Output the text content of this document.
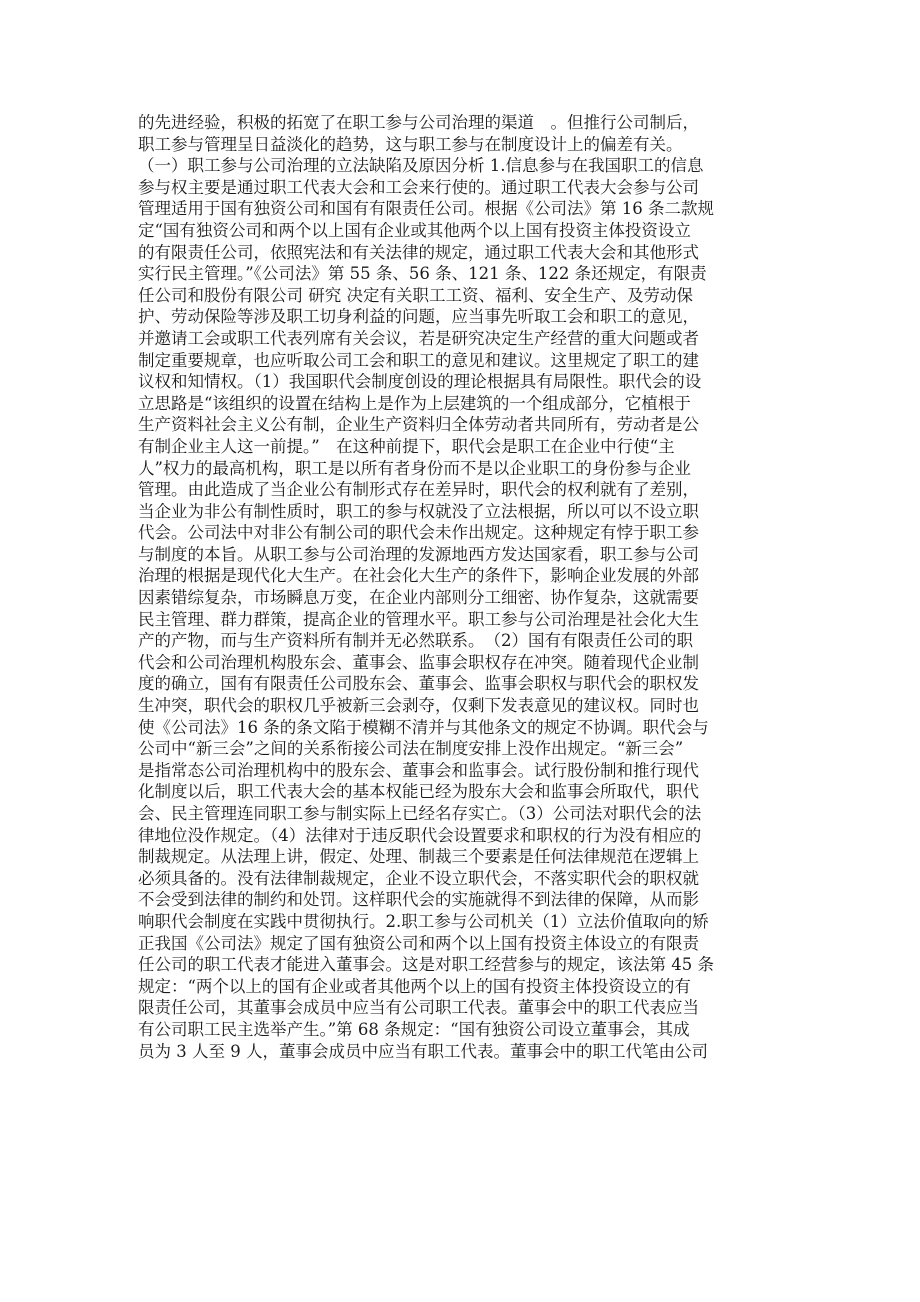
的先进经验，积极的拓宽了在职工参与公司治理的渠道　。但推行公司制后，
职工参与管理呈日益淡化的趋势，这与职工参与在制度设计上的偏差有关。
（一）职工参与公司治理的立法缺陷及原因分析 1.信息参与在我国职工的信息
参与权主要是通过职工代表大会和工会来行使的。通过职工代表大会参与公司
管理适用于国有独资公司和国有有限责任公司。根据《公司法》第 16 条二款规
定“国有独资公司和两个以上国有企业或其他两个以上国有投资主体投资设立
的有限责任公司，依照宪法和有关法律的规定，通过职工代表大会和其他形式
实行民主管理。”《公司法》第 55 条、56 条、121 条、122 条还规定，有限责
任公司和股份有限公司 研究 决定有关职工工资、福利、安全生产、及劳动保
护、劳动保险等涉及职工切身利益的问题，应当事先听取工会和职工的意见，
并邀请工会或职工代表列席有关会议，若是研究决定生产经营的重大问题或者
制定重要规章，也应听取公司工会和职工的意见和建议。这里规定了职工的建
议权和知情权。（1）我国职代会制度创设的理论根据具有局限性。职代会的设
立思路是“该组织的设置在结构上是作为上层建筑的一个组成部分，它植根于
生产资料社会主义公有制，企业生产资料归全体劳动者共同所有，劳动者是公
有制企业主人这一前提。”　在这种前提下，职代会是职工在企业中行使“主
人”权力的最高机构，职工是以所有者身份而不是以企业职工的身份参与企业
管理。由此造成了当企业公有制形式存在差异时，职代会的权利就有了差别，
当企业为非公有制性质时，职工的参与权就没了立法根据，所以可以不设立职
代会。公司法中对非公有制公司的职代会未作出规定。这种规定有悖于职工参
与制度的本旨。从职工参与公司治理的发源地西方发达国家看，职工参与公司
治理的根据是现代化大生产。在社会化大生产的条件下，影响企业发展的外部
因素错综复杂，市场瞬息万变，在企业内部则分工细密、协作复杂，这就需要
民主管理、群力群策，提高企业的管理水平。职工参与公司治理是社会化大生
产的产物，而与生产资料所有制并无必然联系。　（2）国有有限责任公司的职
代会和公司治理机构股东会、董事会、监事会职权存在冲突。随着现代企业制
度的确立，国有有限责任公司股东会、董事会、监事会职权与职代会的职权发
生冲突，职代会的职权几乎被新三会剥夺，仅剩下发表意见的建议权。同时也
使《公司法》16 条的条文陷于模糊不清并与其他条文的规定不协调。职代会与
公司中“新三会”之间的关系衔接公司法在制度安排上没作出规定。“新三会”
是指常态公司治理机构中的股东会、董事会和监事会。试行股份制和推行现代
化制度以后，职工代表大会的基本权能已经为股东大会和监事会所取代，职代
会、民主管理连同职工参与制实际上已经名存实亡。（3）公司法对职代会的法
律地位没作规定。（4）法律对于违反职代会设置要求和职权的行为没有相应的
制裁规定。从法理上讲，假定、处理、制裁三个要素是任何法律规范在逻辑上
必须具备的。没有法律制裁规定，企业不设立职代会，不落实职代会的职权就
不会受到法律的制约和处罚。这样职代会的实施就得不到法律的保障，从而影
响职代会制度在实践中贯彻执行。2.职工参与公司机关（1）立法价值取向的矫
正我国《公司法》规定了国有独资公司和两个以上国有投资主体设立的有限责
任公司的职工代表才能进入董事会。这是对职工经营参与的规定，该法第 45 条
规定：“两个以上的国有企业或者其他两个以上的国有投资主体投资设立的有
限责任公司，其董事会成员中应当有公司职工代表。董事会中的职工代表应当
有公司职工民主选举产生。”第 68 条规定：“国有独资公司设立董事会，其成
员为 3 人至 9 人，董事会成员中应当有职工代表。董事会中的职工代笔由公司
